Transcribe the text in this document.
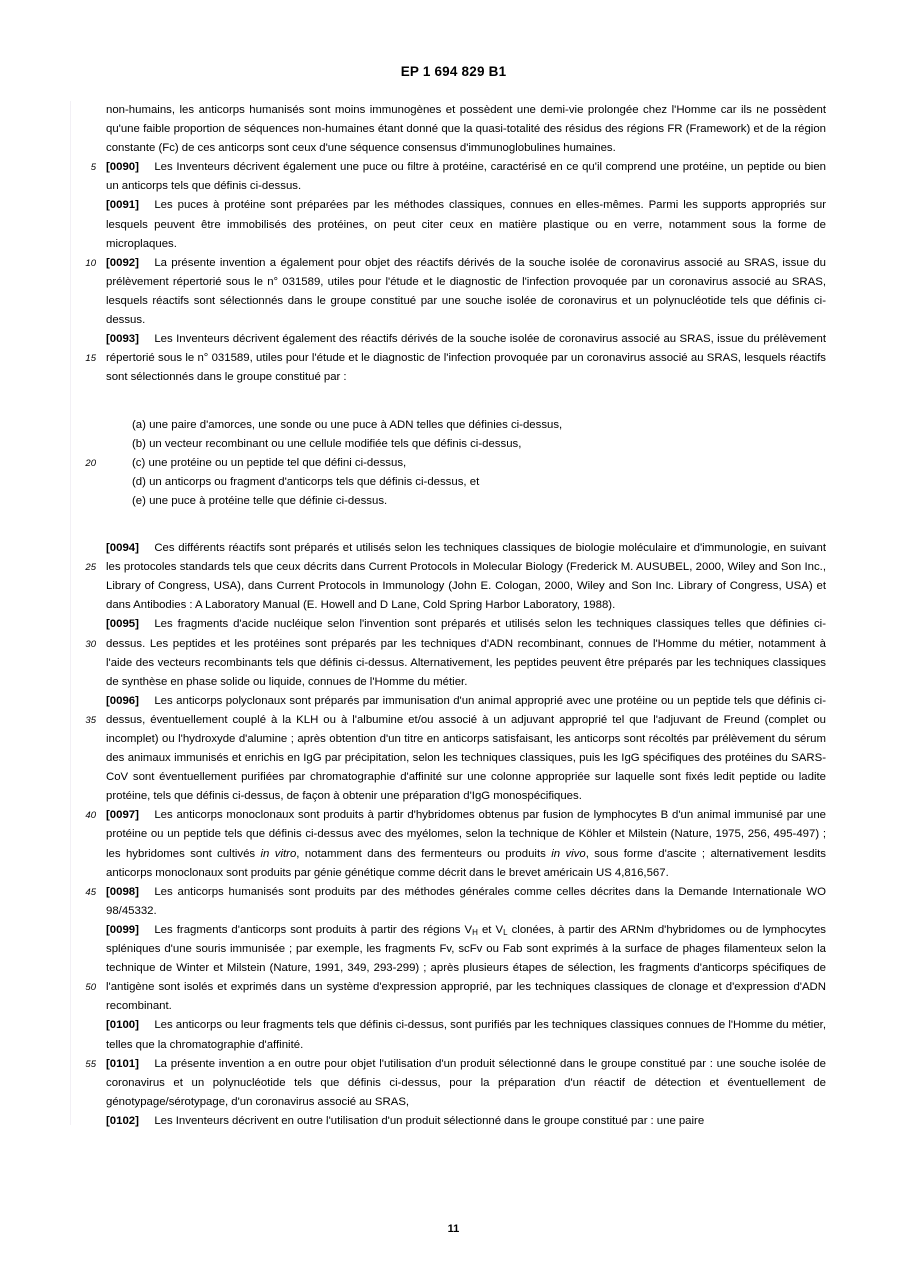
EP 1 694 829 B1

non-humains, les anticorps humanisés sont moins immunogènes et possèdent une demi-vie prolongée chez l'Homme car ils ne possèdent qu'une faible proportion de séquences non-humaines étant donné que la quasi-totalité des résidus des régions FR (Framework) et de la région constante (Fc) de ces anticorps sont ceux d'une séquence consensus d'immunoglobulines humaines.

5 [0090] Les Inventeurs décrivent également une puce ou filtre à protéine, caractérisé en ce qu'il comprend une protéine, un peptide ou bien un anticorps tels que définis ci-dessus.

[0091] Les puces à protéine sont préparées par les méthodes classiques, connues en elles-mêmes. Parmi les supports appropriés sur lesquels peuvent être immobilisés des protéines, on peut citer ceux en matière plastique ou en verre, notamment sous la forme de microplaques.

10 [0092] La présente invention a également pour objet des réactifs dérivés de la souche isolée de coronavirus associé au SRAS, issue du prélèvement répertorié sous le n° 031589, utiles pour l'étude et le diagnostic de l'infection provoquée par un coronavirus associé au SRAS, lesquels réactifs sont sélectionnés dans le groupe constitué par une souche isolée de coronavirus et un polynucléotide tels que définis ci-dessus.

15

[0093] Les Inventeurs décrivent également des réactifs dérivés de la souche isolée de coronavirus associé au SRAS, issue du prélèvement répertorié sous le n° 031589, utiles pour l'étude et le diagnostic de l'infection provoquée par un coronavirus associé au SRAS, lesquels réactifs sont sélectionnés dans le groupe constitué par :

20
(a) une paire d'amorces, une sonde ou une puce à ADN telles que définies ci-dessus,
(b) un vecteur recombinant ou une cellule modifiée tels que définis ci-dessus,
(c) une protéine ou un peptide tel que défini ci-dessus,
(d) un anticorps ou fragment d'anticorps tels que définis ci-dessus, et
(e) une puce à protéine telle que définie ci-dessus.
25

[0094] Ces différents réactifs sont préparés et utilisés selon les techniques classiques de biologie moléculaire et d'immunologie, en suivant les protocoles standards tels que ceux décrits dans Current Protocols in Molecular Biology (Frederick M. AUSUBEL, 2000, Wiley and Son Inc., Library of Congress, USA), dans Current Protocols in Immunology (John E. Cologan, 2000, Wiley and Son Inc. Library of Congress, USA) et dans Antibodies : A Laboratory Manual (E. Howell and D Lane, Cold Spring Harbor Laboratory, 1988).

30

[0095] Les fragments d'acide nucléique selon l'invention sont préparés et utilisés selon les techniques classiques telles que définies ci-dessus. Les peptides et les protéines sont préparés par les techniques d'ADN recombinant, connues de l'Homme du métier, notamment à l'aide des vecteurs recombinants tels que définis ci-dessus. Alternativement, les peptides peuvent être préparés par les techniques classiques de synthèse en phase solide ou liquide, connues de l'Homme du métier.

35
40

[0096] Les anticorps polyclonaux sont préparés par immunisation d'un animal approprié avec une protéine ou un peptide tels que définis ci-dessus, éventuellement couplé à la KLH ou à l'albumine et/ou associé à un adjuvant approprié tel que l'adjuvant de Freund (complet ou incomplet) ou l'hydroxyde d'alumine ; après obtention d'un titre en anticorps satisfaisant, les anticorps sont récoltés par prélèvement du sérum des animaux immunisés et enrichis en IgG par précipitation, selon les techniques classiques, puis les IgG spécifiques des protéines du SARS-CoV sont éventuellement purifiées par chromatographie d'affinité sur une colonne appropriée sur laquelle sont fixés ledit peptide ou ladite protéine, tels que définis ci-dessus, de façon à obtenir une préparation d'IgG monospécifiques.

45

[0097] Les anticorps monoclonaux sont produits à partir d'hybridomes obtenus par fusion de lymphocytes B d'un animal immunisé par une protéine ou un peptide tels que définis ci-dessus avec des myélomes, selon la technique de Köhler et Milstein (Nature, 1975, 256, 495-497) ; les hybridomes sont cultivés in vitro, notamment dans des fermenteurs ou produits in vivo, sous forme d'ascite ; alternativement lesdits anticorps monoclonaux sont produits par génie génétique comme décrit dans le brevet américain US 4,816,567.

[0098] Les anticorps humanisés sont produits par des méthodes générales comme celles décrites dans la Demande Internationale WO 98/45332.

50

[0099] Les fragments d'anticorps sont produits à partir des régions $V_H$ et $V_L$ clonées, à partir des ARNm d'hybridomes ou de lymphocytes spléniques d'une souris immunisée ; par exemple, les fragments Fv, scFv ou Fab sont exprimés à la surface de phages filamenteux selon la technique de Winter et Milstein (Nature, 1991, 349, 293-299) ; après plusieurs étapes de sélection, les fragments d'anticorps spécifiques de l'antigène sont isolés et exprimés dans un système d'expression approprié, par les techniques classiques de clonage et d'expression d'ADN recombinant.

[0100] Les anticorps ou leur fragments tels que définis ci-dessus, sont purifiés par les techniques classiques connues de l'Homme du métier, telles que la chromatographie d'affinité.

55 [0101] La présente invention a en outre pour objet l'utilisation d'un produit sélectionné dans le groupe constitué par : une souche isolée de coronavirus et un polynucléotide tels que définis ci-dessus, pour la préparation d'un réactif de détection et éventuellement de génotypage/sérotypage, d'un coronavirus associé au SRAS,

[0102] Les Inventeurs décrivent en outre l'utilisation d'un produit sélectionné dans le groupe constitué par : une paire

11
